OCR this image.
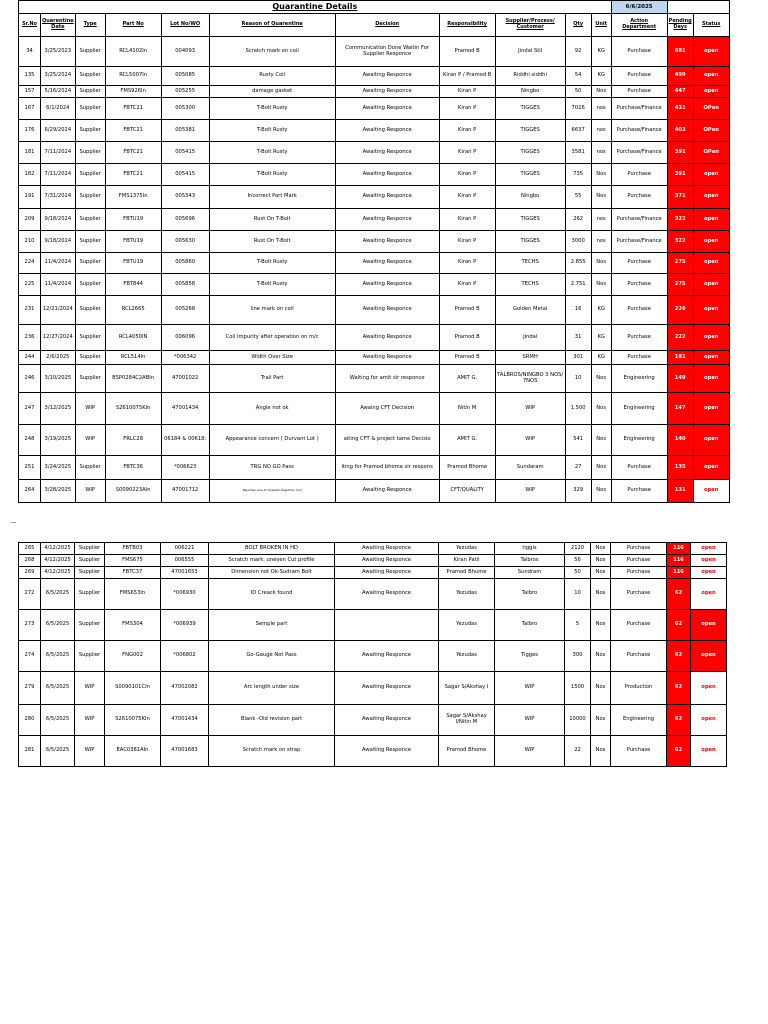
Quarantine Details											6/6/2025		
Sr.No	Quarentine Date	Type	Part No	Lot No/WO	Reason of Quarentine	Decision	Responsibility	Supplier/Process/ Customer	Qty	Unit	Action Department	Pending Days	Status
34	3/25/2023	Supplier	RCL4102In	004093	Scratch mark on coil	Communication Done Waitin For Supplier Responce	Pramod B	Jindal Stil	92	KG	Purchase	681	open
135	3/25/2024	Supplier	RCL5007In	005085	Rusty Coil	Awaiting Responce	Kiran P / Pramod B	Riddhi siddhi	54	KG	Purchase	499	open
157	5/16/2024	Supplier	FMS926In	005255	damage gasket	Awaiting Responce	Kiran P	Ningbo	50	Nos	Purchase	447	open
167	6/1/2024	Supplier	FBTC21	005300	T-Bolt Rusty	Awaiting Responce	Kiran P	TIGGES	7026	nos	Purchase/Finance	431	OPen
176	6/29/2024	Supplier	FBTC21	005381	T-Bolt Rusty	Awaiting Responce	Kiran P	TIGGES	6637	nos	Purchase/Finance	403	OPen
181	7/11/2024	Supplier	FBTC21	005415	T-Bolt Rusty	Awaiting Responce	Kiran P	TIGGES	3581	nos	Purchase/Finance	391	OPen
182	7/11/2024	Supplier	FBTC21	005415	T-Bolt Rusty	Awaiting Responce	Kiran P	TIGGES	735	Nos	Purchase	391	open
191	7/31/2024	Supplier	FMS1375In	005343	Incorrect Part Mark	Awaiting Responce	Kiran P	Ningbo	55	Nos	Purchase	371	open
209	9/18/2024	Supplier	FBTU19	005696	Rust On T-Bolt	Awaiting Responce	Kiran P	TIGGES	262	nos	Purchase/Finance	322	open
210	9/18/2024	Supplier	FBTU19	005630	Rust On T-Bolt	Awaiting Responce	Kiran P	TIGGES	3000	nos	Purchase/Finance	322	open
224	11/4/2024	Supplier	FBTU19	005860	T-Bolt Rusty	Awaiting Responce	Kiran P	TECHS	2.855	Nos	Purchase	275	open
225	11/4/2024	Supplier	FBT844	005858	T-Bolt Rusty	Awaiting Responce	Kiran P	TECHS	2.751	Nos	Purchase	275	open
231	12/21/2024	Supplier	RCL2665	005268	line mark on coil	Awaiting Responce	Pramod B	Golden Metal	16	KG	Purchase	226	open
236	12/27/2024	Supplier	RCL4050IN	006096	Coil Impurity after operation on m/c	Awaiting Responce	Pramod B	Jindal	31	KG	Purchase	222	open
244	2/6/2025	Supplier	RCL514In	*006342	Width Over Size	Awaiting Responce	Pramod B	SRMH	301	KG	Purchase	181	open
246	3/10/2025	Supplier	BSP0284C2ABIn	47001022	Trail Part	Waiting for amit sir responce	AMIT G.	TALBROS/NINGBO 3 NOS/ 7NOS	10	Nos	Engineering	149	open
247	3/12/2025	WIP	S2610075KIn	47001434	Angle not ok	Awaing CFT Decision	Nitin M	WIP	1.500	Nos	Engineering	147	open
248	3/19/2025	WIP	FRLC28	06184 & 00618:	Appearance concern ( Durvant Lot )	aiting CFT & project tame Decisio	AMIT G.	WIP	541	Nos	Engineering	140	open
251	3/24/2025	Supplier	FBTC36	*006623	TRG NO GO Pass	iting for Pramod bhome sir respons	Pramod Bhome	Sundaram	27	Nos	Purchase	135	open
264	3/28/2025	WIP	S0090223AIn	47001712	Rejection due to Supplier Rejection Coil	Awaiting Responce	CFT/QUALITY	WIP	329	Nos	Purchase	131	open
265	4/12/2025	Supplier	FBTB03	006221	BOLT BROKEN IN HD	Awaiting Responce	Yezudas	tiggis	2120	Nos	Purchase	116	open
268	4/12/2025	Supplier	FMS675	006555	Scratch mark. uneven Cut profile	Awaiting Responce	Kiran Patil	Talbros	56	Nos	Purchase	116	open
269	4/12/2025	Supplier	FBTC37	47001653	Dimension not Ok-Sudram Bolt	Awaiting Responce	Pramod Bhume	Sundram	50	Nos	Purchase	116	open
272	6/5/2025	Supplier	FMS653In	*006930	ID Creack found	Awaiting Responce	Yezudas	Talbro	10	Nos	Purchase	62	open
273	6/5/2025	Supplier	FMS304	*006939	Semple part		Yezudas	Talbro	5	Nos	Purchase	62	open
274	6/5/2025	Supplier	FNG002	*006802	Go-Gauge Not Pass	Awaiting Responce	Yezudas	Tigges	300	Nos	Purchase	62	open
279	6/5/2025	WIP	S0090101CIn	47002082	Arc length under size	Awaiting Responce	Sagar S/Akshay I	WIP	1500	Nos	Production	62	open
280	6/5/2025	WIP	S2610075KIn	47001434	Blank -Old revision part	Awaiting Responce	Sagar S/Akshay I/Nitin M	WIP	10000	Nos	Engineering	62	open
281	6/5/2025	WIP	EAC0381AIn	47001683	Scratch mark on strap	Awaiting Responce	Pramod Bhome	WIP	22	Nos	Purchase	62	open
